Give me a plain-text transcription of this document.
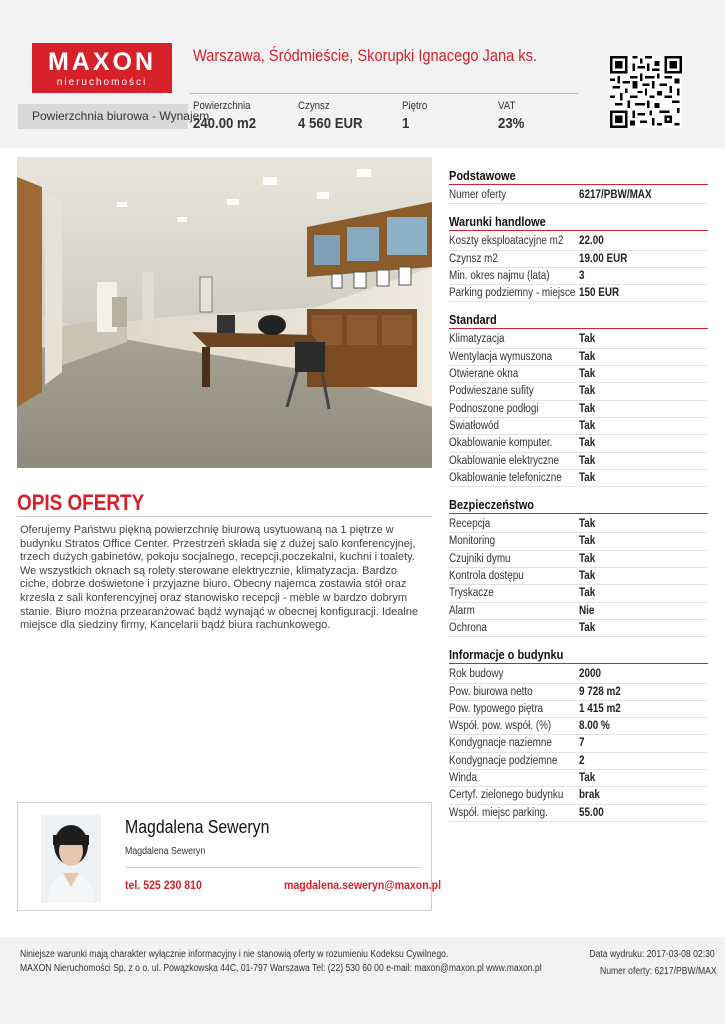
MAXON
nieruchomości
Warszawa, Śródmieście, Skorupki Ignacego Jana ks.
Powierzchnia biurowa - Wynajem
Powierzchnia
240.00 m2
Czynsz
4 560 EUR
Piętro
1
VAT
23%
OPIS OFERTY
Oferujemy Państwu piękną powierzchnię biurową usytuowaną na 1 piętrze w budynku Stratos Office Center. Przestrzeń składa się z dużej salo konferencyjnej, trzech dużych gabinetów, pokoju socjalnego, recepcji,poczekalni, kuchni i toalety. We wszystkich oknach są rolety sterowane elektrycznie, klimatyzacja. Bardzo ciche, dobrze doświetone i przyjazne biuro. Obecny najemca zostawia stół oraz krzesła z sali konferencyjnej oraz stanowisko recepcji - meble w bardzo dobrym stanie. Biuro można przearanżować bądź wynająć w obecnej konfiguracji. Idealne miejsce dla siedziny firmy, Kancelarii bądź biura rachunkowego.
Podstawowe
Numer oferty	6217/PBW/MAX
Warunki handlowe
Koszty eksploatacyjne m2 22.00
Czynsz m2	19.00 EUR
Min. okres najmu (lata)	3
Parking podziemny - miejsce 150 EUR
Standard
Klimatyzacja	Tak
Wentylacja wymuszona Tak
Otwierane okna	Tak
Podwieszane sufity	Tak
Podnoszone podłogi	Tak
Światłowód	Tak
Okablowanie komputer. Tak
Okablowanie elektryczne Tak
Okablowanie telefoniczne Tak
Bezpieczeństwo
Recepcja	Tak
Monitoring	Tak
Czujniki dymu	Tak
Kontrola dostępu	Tak
Tryskacze	Tak
Alarm	Nie
Ochrona	Tak
Informacje o budynku
Rok budowy	2000
Pow. biurowa netto	9 728 m2
Pow. typowego piętra	1 415 m2
Współ. pow. współ. (%) 8.00 %
Kondygnacje naziemne 7
Kondygnacje podziemne 2
Winda	Tak
Certyf. zielonego budynku brak
Współ. miejsc parking.	55.00
Magdalena Seweryn
Magdalena Seweryn
tel. 525 230 810	magdalena.seweryn@maxon.pl
Niniejsze warunki mają charakter wyłącznie informacyjny i nie stanowią oferty w rozumieniu Kodeksu Cywilnego.
MAXON Nieruchomości Sp. z o o. ul. Powązkowska 44C, 01-797 Warszawa Tel: (22) 530 60 00 e-mail: maxon@maxon.pl www.maxon.pl
Data wydruku: 2017-03-08 02:30
Numer oferty: 6217/PBW/MAX
